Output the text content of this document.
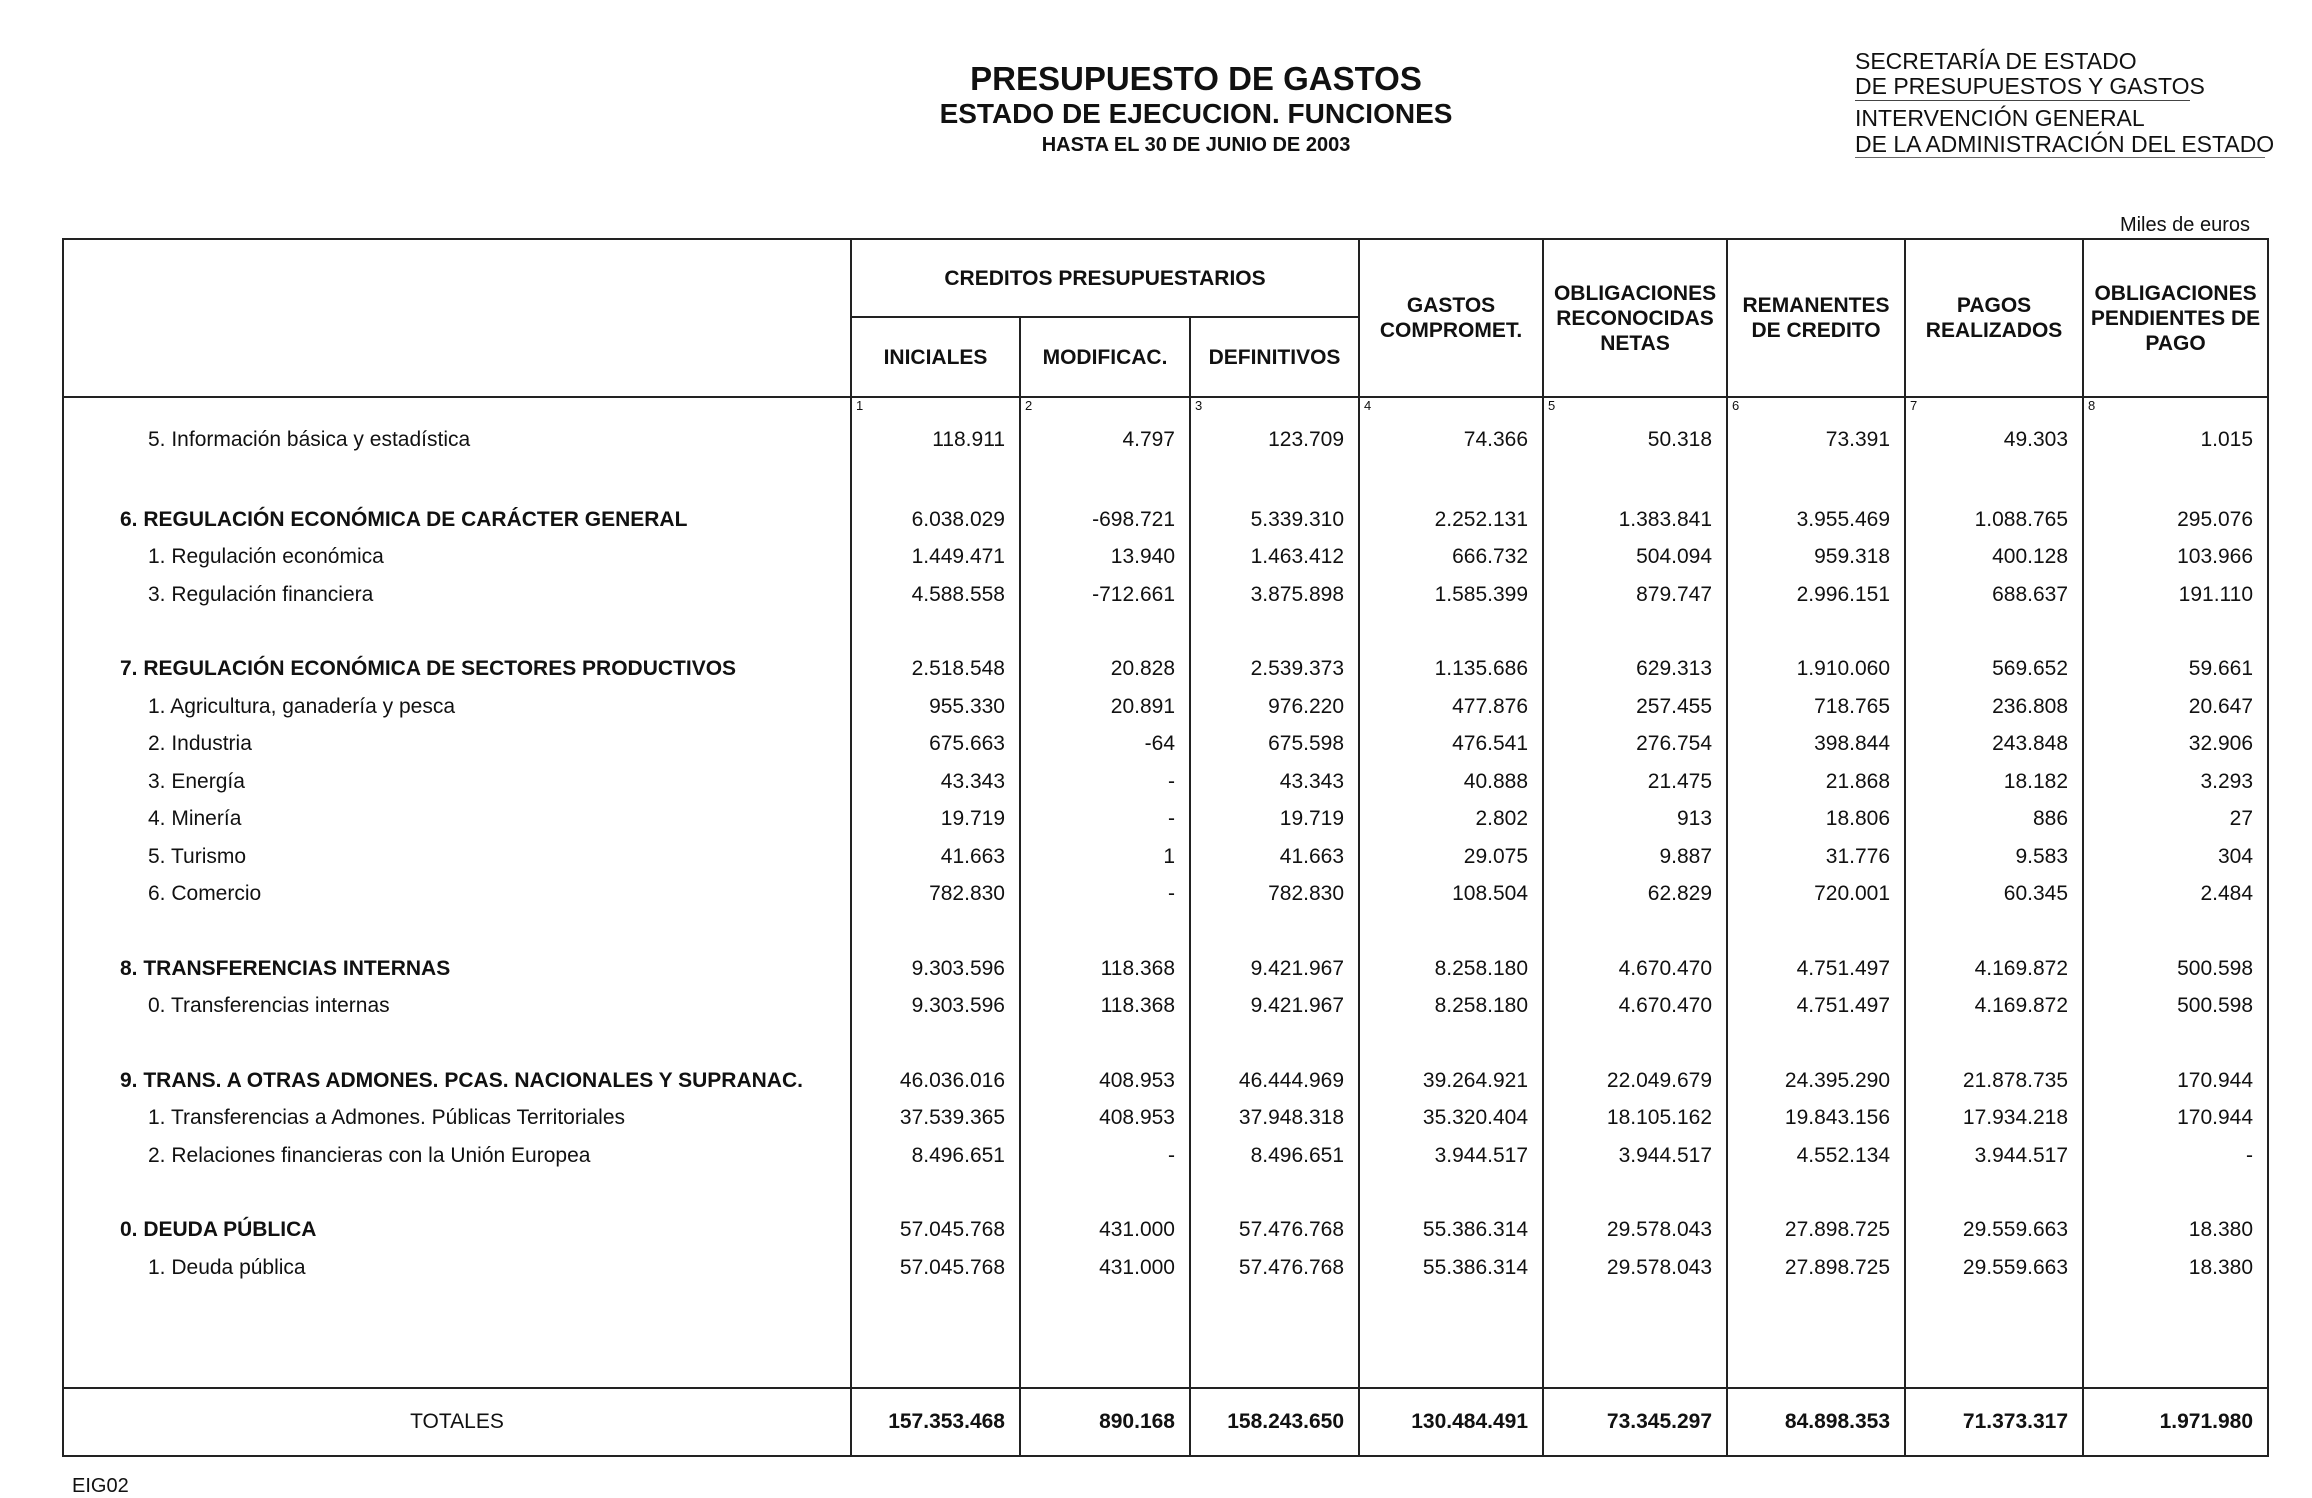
PRESUPUESTO DE GASTOS
ESTADO DE EJECUCION. FUNCIONES
HASTA EL 30 DE JUNIO DE 2003
SECRETARÍA DE ESTADO
DE PRESUPUESTOS Y GASTOS
INTERVENCIÓN GENERAL
DE LA ADMINISTRACIÓN DEL ESTADO
Miles de euros
	CREDITOS PRESUPUESTARIOS			GASTOS COMPROMET.	OBLIGACIONES RECONOCIDAS NETAS	REMANENTES DE CREDITO	PAGOS REALIZADOS	OBLIGACIONES PENDIENTES DE PAGO
	INICIALES	MODIFICAC.	DEFINITIVOS					
	1	2	3	4	5	6	7	8
5. Información básica y estadística	118.911	4.797	123.709	74.366	50.318	73.391	49.303	1.015

6. REGULACIÓN ECONÓMICA DE CARÁCTER GENERAL	6.038.029	-698.721	5.339.310	2.252.131	1.383.841	3.955.469	1.088.765	295.076
1. Regulación económica	1.449.471	13.940	1.463.412	666.732	504.094	959.318	400.128	103.966
3. Regulación financiera	4.588.558	-712.661	3.875.898	1.585.399	879.747	2.996.151	688.637	191.110

7. REGULACIÓN ECONÓMICA DE SECTORES PRODUCTIVOS	2.518.548	20.828	2.539.373	1.135.686	629.313	1.910.060	569.652	59.661
1. Agricultura, ganadería y pesca	955.330	20.891	976.220	477.876	257.455	718.765	236.808	20.647
2. Industria	675.663	-64	675.598	476.541	276.754	398.844	243.848	32.906
3. Energía	43.343	-	43.343	40.888	21.475	21.868	18.182	3.293
4. Minería	19.719	-	19.719	2.802	913	18.806	886	27
5. Turismo	41.663	1	41.663	29.075	9.887	31.776	9.583	304
6. Comercio	782.830	-	782.830	108.504	62.829	720.001	60.345	2.484

8. TRANSFERENCIAS INTERNAS	9.303.596	118.368	9.421.967	8.258.180	4.670.470	4.751.497	4.169.872	500.598
0. Transferencias internas	9.303.596	118.368	9.421.967	8.258.180	4.670.470	4.751.497	4.169.872	500.598

9. TRANS. A OTRAS ADMONES. PCAS. NACIONALES Y SUPRANAC.	46.036.016	408.953	46.444.969	39.264.921	22.049.679	24.395.290	21.878.735	170.944
1. Transferencias a Admones. Públicas Territoriales	37.539.365	408.953	37.948.318	35.320.404	18.105.162	19.843.156	17.934.218	170.944
2. Relaciones financieras con la Unión Europea	8.496.651	-	8.496.651	3.944.517	3.944.517	4.552.134	3.944.517	-

0. DEUDA PÚBLICA	57.045.768	431.000	57.476.768	55.386.314	29.578.043	27.898.725	29.559.663	18.380
1. Deuda pública	57.045.768	431.000	57.476.768	55.386.314	29.578.043	27.898.725	29.559.663	18.380

TOTALES	157.353.468	890.168	158.243.650	130.484.491	73.345.297	84.898.353	71.373.317	1.971.980
EIG02
